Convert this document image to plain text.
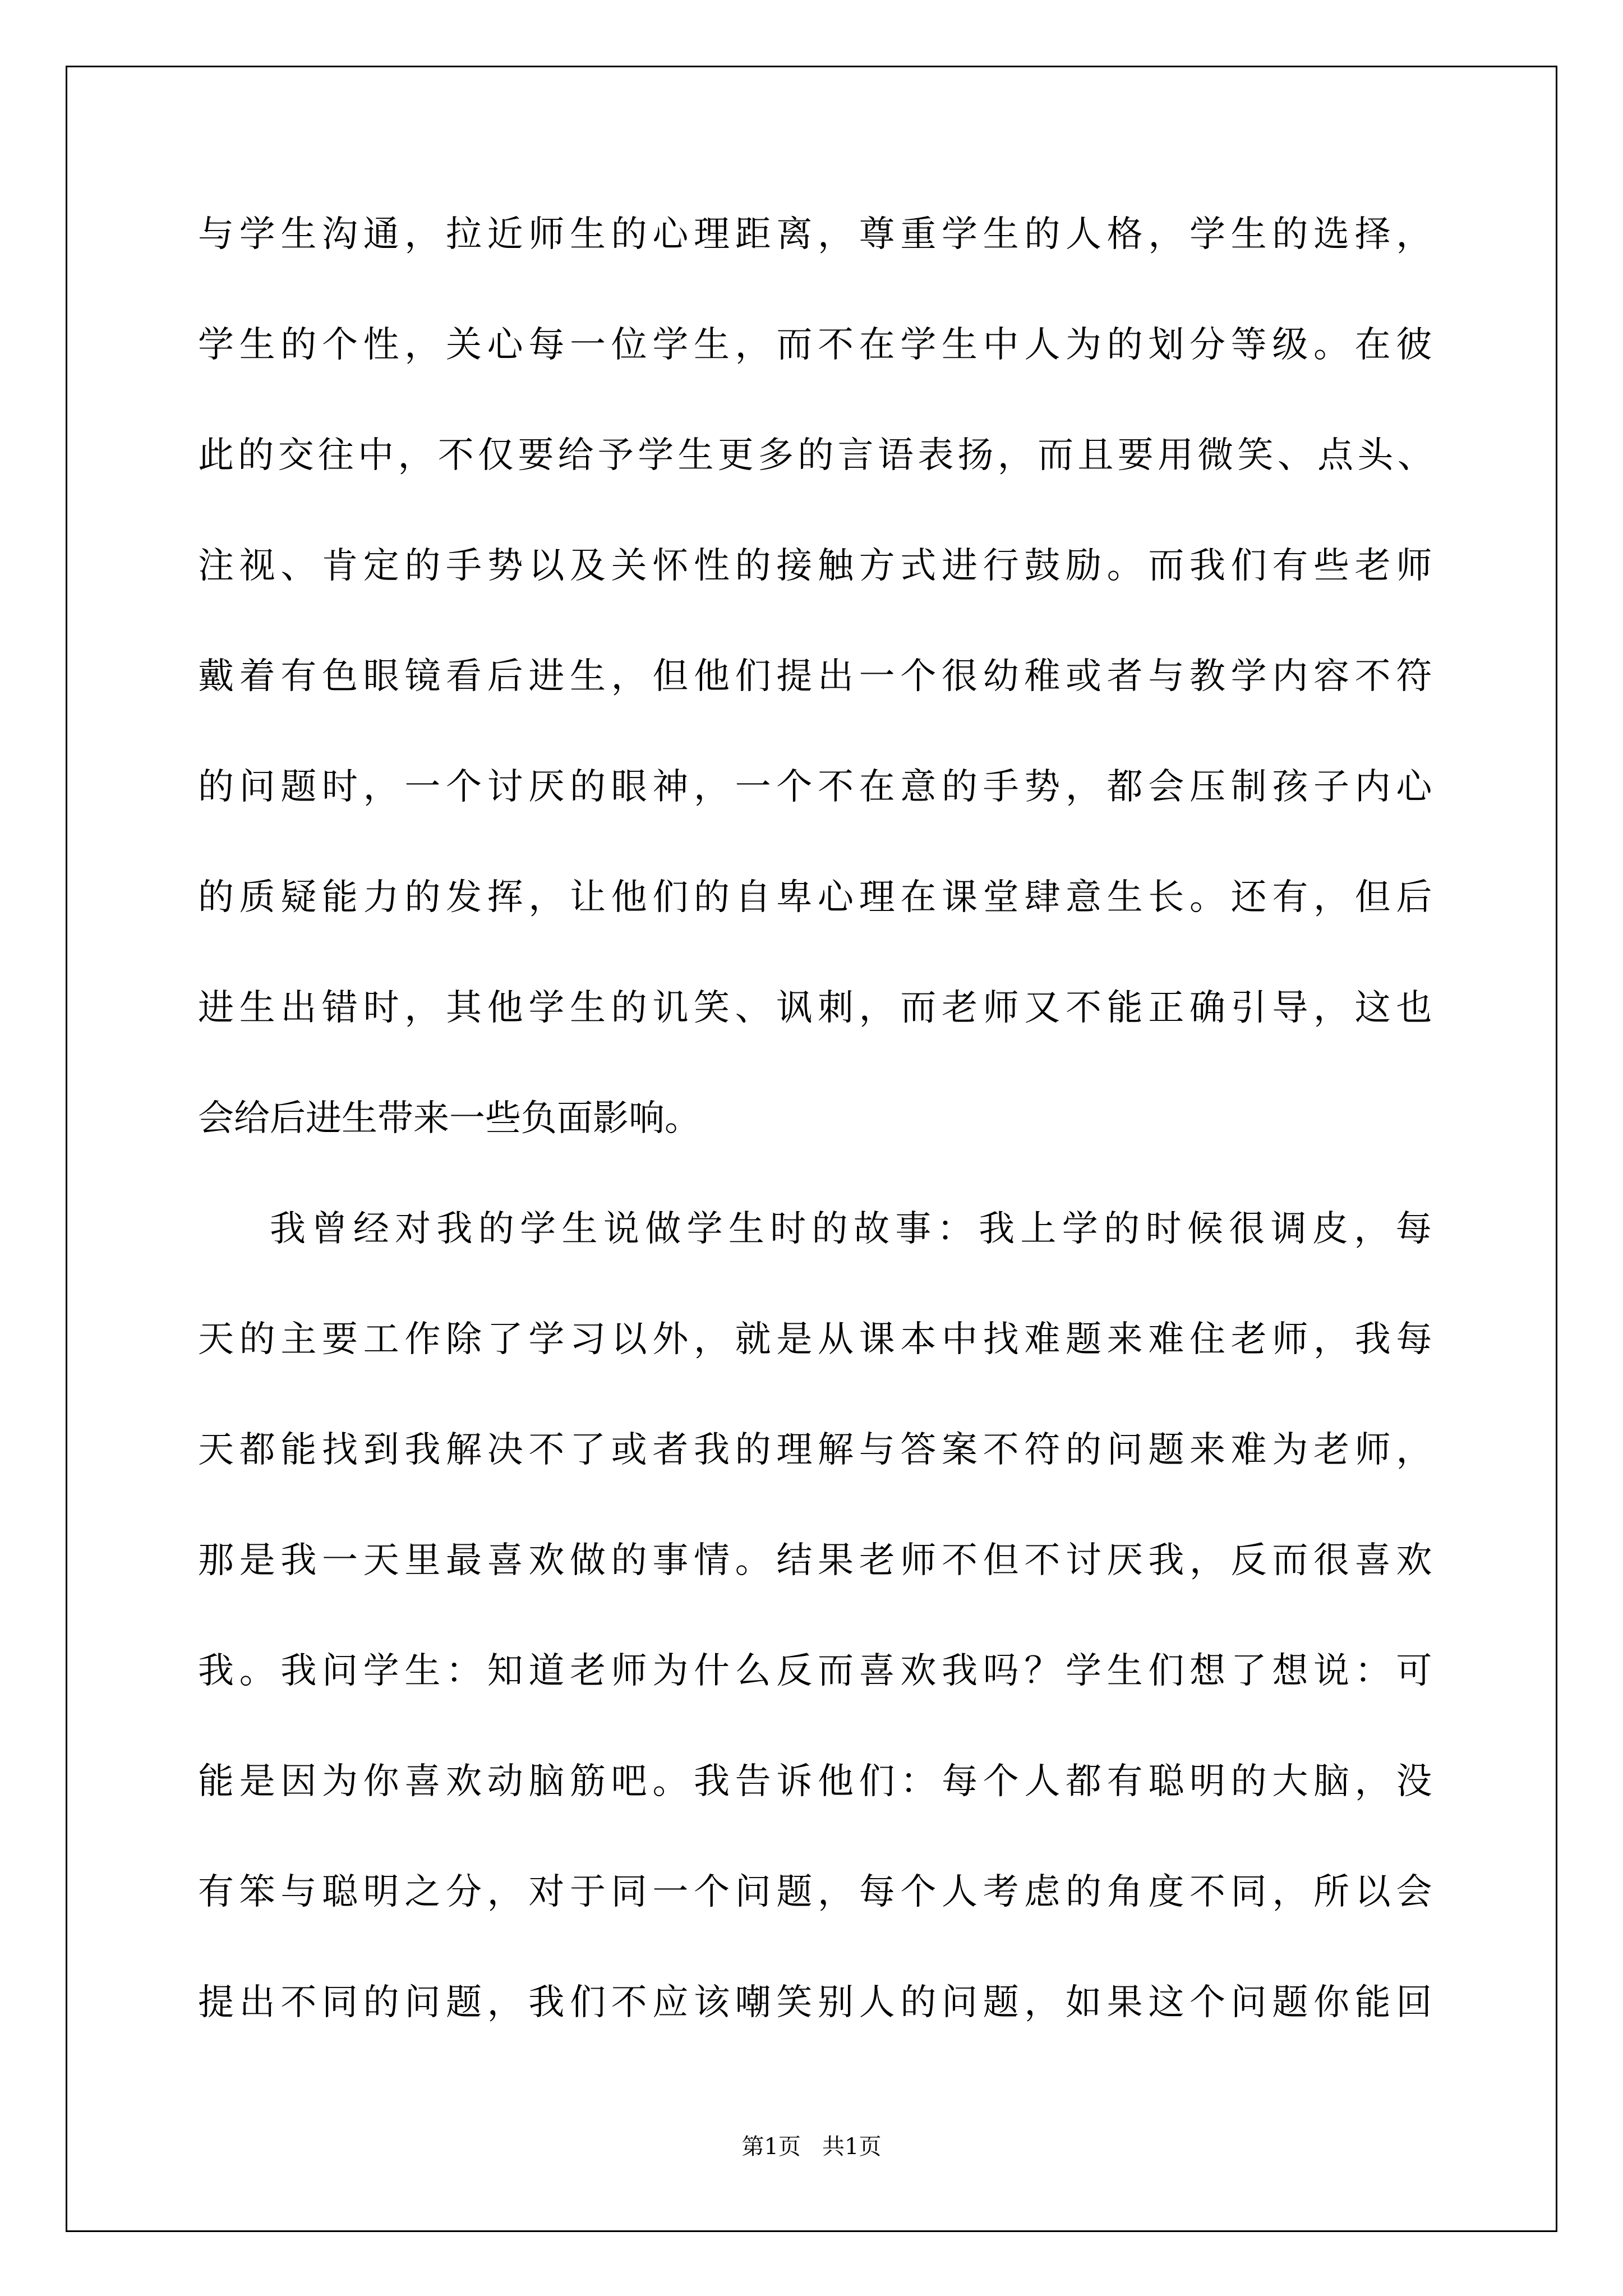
与学生沟通，拉近师生的心理距离，尊重学生的人格，学生的选择，
学生的个性，关心每一位学生，而不在学生中人为的划分等级。在彼
此的交往中，不仅要给予学生更多的言语表扬，而且要用微笑、点头、
注视、肯定的手势以及关怀性的接触方式进行鼓励。而我们有些老师
戴着有色眼镜看后进生，但他们提出一个很幼稚或者与教学内容不符
的问题时，一个讨厌的眼神，一个不在意的手势，都会压制孩子内心
的质疑能力的发挥，让他们的自卑心理在课堂肆意生长。还有，但后
进生出错时，其他学生的讥笑、讽刺，而老师又不能正确引导，这也
会给后进生带来一些负面影响。
我曾经对我的学生说做学生时的故事：我上学的时候很调皮，每
天的主要工作除了学习以外，就是从课本中找难题来难住老师，我每
天都能找到我解决不了或者我的理解与答案不符的问题来难为老师，
那是我一天里最喜欢做的事情。结果老师不但不讨厌我，反而很喜欢
我。我问学生：知道老师为什么反而喜欢我吗？学生们想了想说：可
能是因为你喜欢动脑筋吧。我告诉他们：每个人都有聪明的大脑，没
有笨与聪明之分，对于同一个问题，每个人考虑的角度不同，所以会
提出不同的问题，我们不应该嘲笑别人的问题，如果这个问题你能回
第1页   共1页
